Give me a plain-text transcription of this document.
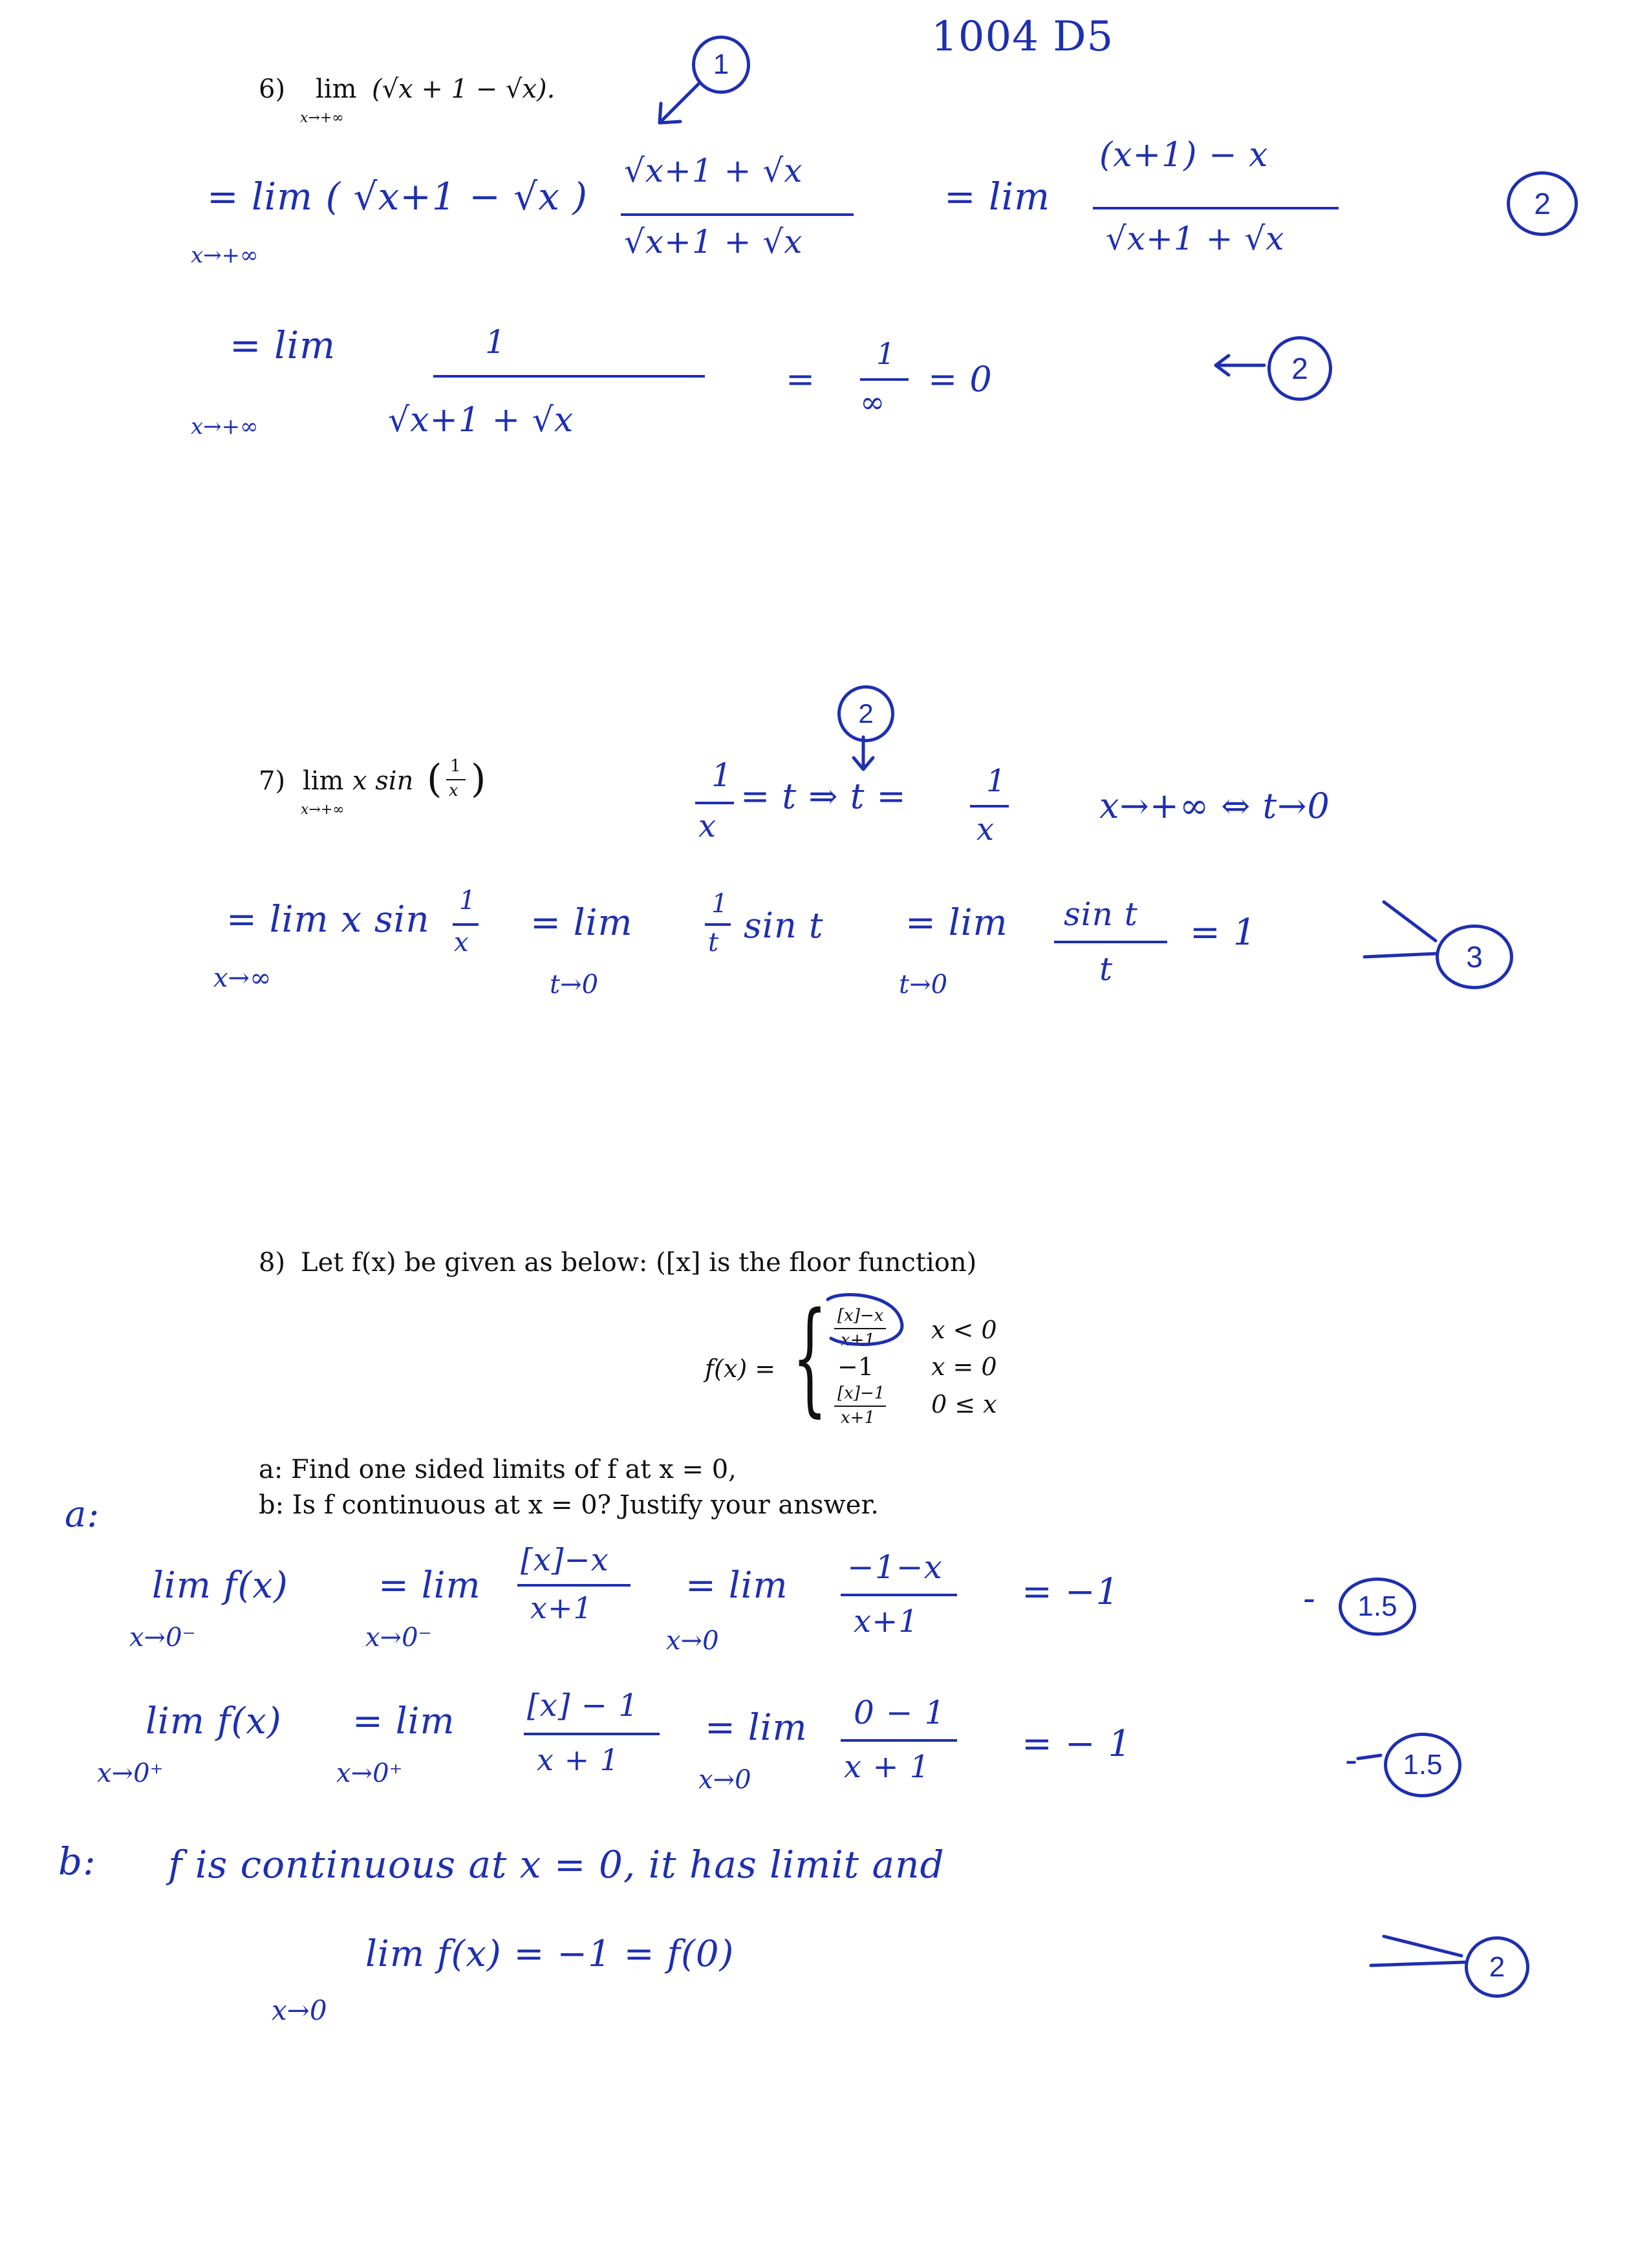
1004 D5
6) lim
x→+∞
(√x + 1 − √x).
1
= lim ( √x+1 − √x )
x→+∞
√x+1 + √x
√x+1 + √x
= lim
(x+1) − x
√x+1 + √x
2
= lim
x→+∞
1
√x+1 + √x
=
1
∞
= 0	2
7) lim
x→+∞
x sin ( 1
x )
2
1
x
= t ⇒ t =	1
x
x→+∞ ⇔ t→0
= lim x sin 1
x
x→∞
= lim
t→0
1
t sin t = lim
t→0
sin t
t
= 1
3
8) Let f(x) be given as below: ([x] is the floor function)
f(x) = { [x]−x
x+1 x < 0
−1 x = 0
[x]−1
x+1 0 ≤ x
a: Find one sided limits of f at x = 0,
b: Is f continuous at x = 0? Justify your answer.
a:
lim f(x)
x→0⁻
= lim
x→0⁻
[x]−x
x+1
= lim
x→0
−1−x
x+1
= −1	- 1.5
lim f(x)
x→0⁺
= lim
x→0⁺
[x] − 1
x + 1
= lim
x→0
0 − 1
x + 1
= − 1	- 1.5
b: f is continuous at x = 0, it has limit and
lim f(x) = −1 = f(0)
x→0
2
